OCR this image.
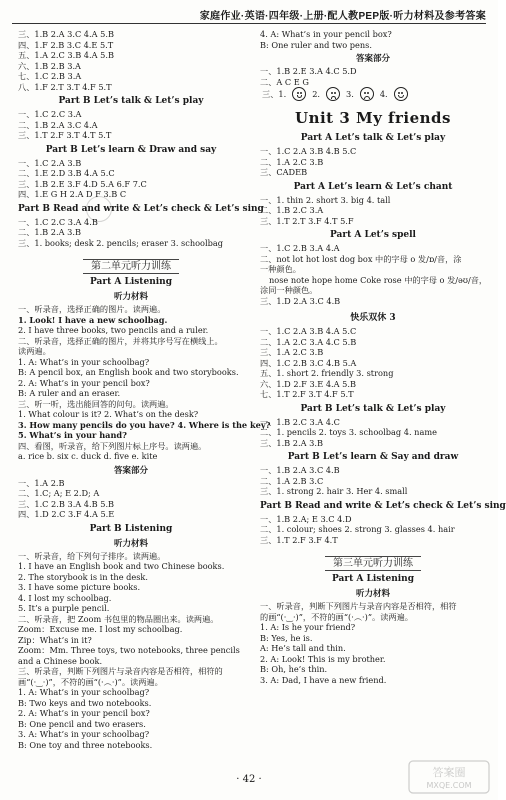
家庭作业·英语·四年级·上册·配人教PEP版·听力材料及参考答案
三、1.B 2.A 3.C 4.A 5.B
四、1.F 2.B 3.C 4.E 5.T
五、1.A 2.C 3.B 4.A 5.B
六、1.B 2.B 3.A
七、1.C 2.B 3.A
八、1.F 2.T 3.T 4.F 5.T
Part B Let’s talk & Let’s play
一、1.C 2.C 3.A
二、1.B 2.A 3.C 4.A
三、1.T 2.F 3.T 4.T 5.T
Part B Let’s learn & Draw and say
一、1.C 2.A 3.B
二、1.E 2.D 3.B 4.A 5.C
三、1.B 2.E 3.F 4.D 5.A 6.F 7.C
四、1.E G H 2.A D F 3.B C
Part B Read and write & Let’s check & Let’s sing
一、1.C 2.C 3.A 4.B
二、1.B 2.A 3.B
三、1. books; desk 2. pencils; eraser 3. schoolbag
第二单元听力训练
Part A Listening
听力材料
一、听录音，选择正确的图片。读两遍。
1. Look! I have a new schoolbag.
2. I have three books, two pencils and a ruler.
二、听录音，选择正确的图片，并将其序号写在横线上。
读两遍。
1. A: What’s in your schoolbag?
B: A pencil box, an English book and two storybooks.
2. A: What’s in your pencil box?
B: A ruler and an eraser.
三、听一听，选出能回答的问句。读两遍。
1. What colour is it? 2. What’s on the desk?
3. How many pencils do you have? 4. Where is the key?
5. What’s in your hand?
四、看图，听录音，给下列图片标上序号。读两遍。
a. rice b. six c. duck d. five e. kite
答案部分
一、1.A 2.B
二、1.C; A; E 2.D; A
三、1.C 2.B 3.A 4.B 5.B
四、1.D 2.C 3.F 4.A 5.E
Part B Listening
听力材料
一、听录音，给下列句子排序。读两遍。
1. I have an English book and two Chinese books.
2. The storybook is in the desk.
3. I have some picture books.
4. I lost my schoolbag.
5. It’s a purple pencil.
二、听录音，把 Zoom 书包里的物品圈出来。读两遍。
Zoom：Excuse me. I lost my schoolbag.
Zip：What’s in it?
Zoom：Mm. Three toys, two notebooks, three pencils
and a Chinese book.
三、听录音，判断下列图片与录音内容是否相符，相符的
画“(·‿·)”，不符的画“(·︵·)”。读两遍。
1. A: What’s in your schoolbag?
B: Two keys and two notebooks.
2. A: What’s in your pencil box?
B: One pencil and two erasers.
3. A: What’s in your schoolbag?
B: One toy and three notebooks.
4. A: What’s in your pencil box?
B: One ruler and two pens.
答案部分
一、1.B 2.E 3.A 4.C 5.D
二、A C E G
三、1.	2.	3.	4.
Unit 3 My friends
Part A Let’s talk & Let’s play
一、1.C 2.A 3.B 4.B 5.C
二、1.A 2.C 3.B
三、CADEB
Part A Let’s learn & Let’s chant
一、1. thin 2. short 3. big 4. tall
二、1.B 2.C 3.A
三、1.T 2.T 3.F 4.T 5.F
Part A Let’s spell
一、1.C 2.B 3.A 4.A
二、not lot hot lost dog box 中的字母 o 发/ɒ/音，涂
一种颜色。
nose note hope home Coke rose 中的字母 o 发/əʊ/音，
涂同一种颜色。
三、1.D 2.A 3.C 4.B
快乐双休 3
一、1.C 2.A 3.B 4.A 5.C
二、1.A 2.C 3.A 4.C 5.B
三、1.A 2.C 3.B
四、1.C 2.B 3.C 4.B 5.A
五、1. short 2. friendly 3. strong
六、1.D 2.F 3.E 4.A 5.B
七、1.T 2.F 3.T 4.F 5.T
Part B Let’s talk & Let’s play
一、1.B 2.C 3.A 4.C
二、1. pencils 2. toys 3. schoolbag 4. name
三、1.B 2.A 3.B
Part B Let’s learn & Say and draw
一、1.B 2.A 3.C 4.B
二、1.A 2.B 3.C
三、1. strong 2. hair 3. Her 4. small
Part B Read and write & Let’s check & Let’s sing
一、1.B 2.A; E 3.C 4.D
二、1. colour; shoes 2. strong 3. glasses 4. hair
三、1.T 2.F 3.F 4.T
第三单元听力训练
Part A Listening
听力材料
一、听录音，判断下列图片与录音内容是否相符，相符
的画“(·‿·)”，不符的画“(·︵·)”。读两遍。
1. A: Is he your friend?
B: Yes, he is.
A: He’s tall and thin.
2. A: Look! This is my brother.
B: Oh, he’s thin.
3. A: Dad, I have a new friend.
· 42 ·
答案圈
MXQE.COM
